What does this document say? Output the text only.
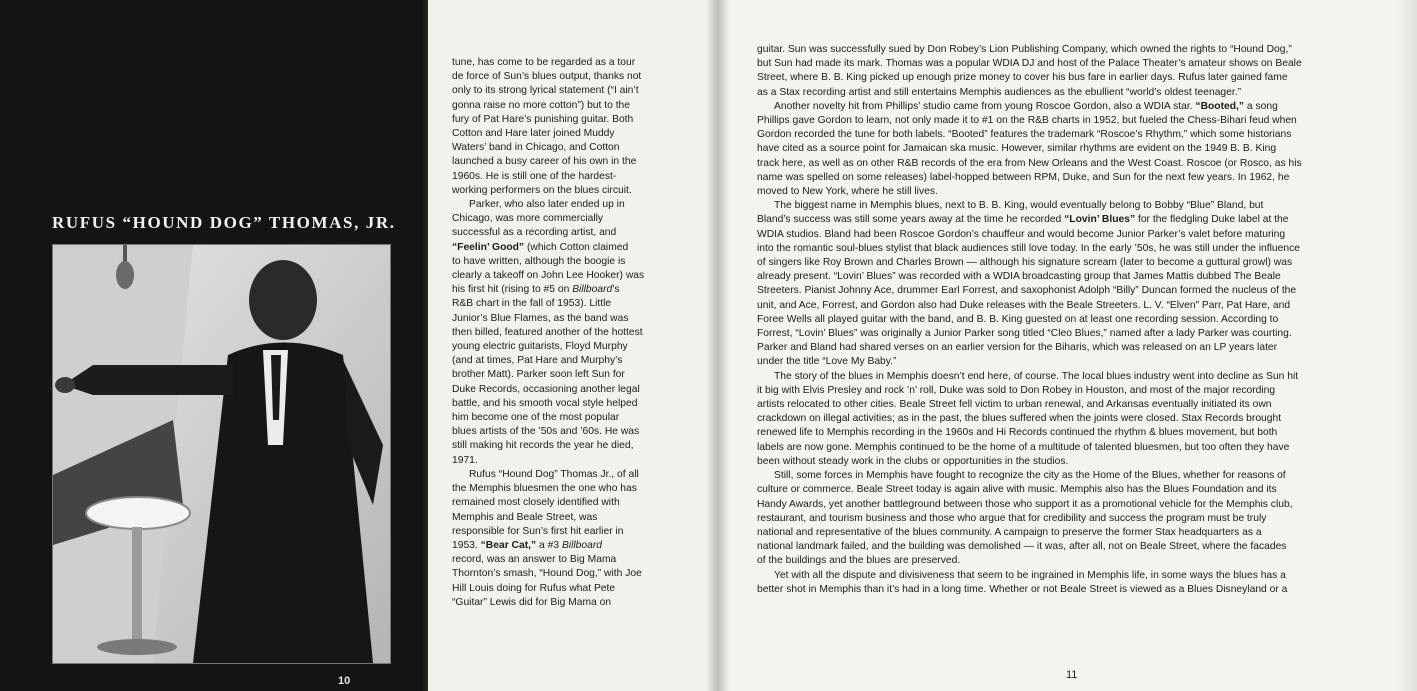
RUFUS “HOUND DOG” THOMAS, JR.
10

tune, has come to be regarded as a tour
de force of Sun’s blues output, thanks not
only to its strong lyrical statement (“I ain’t
gonna raise no more cotton”) but to the
fury of Pat Hare’s punishing guitar. Both
Cotton and Hare later joined Muddy
Waters’ band in Chicago, and Cotton
launched a busy career of his own in the
1960s. He is still one of the hardest-
working performers on the blues circuit.

Parker, who also later ended up in
Chicago, was more commercially
successful as a recording artist, and
“Feelin’ Good” (which Cotton claimed
to have written, although the boogie is
clearly a takeoff on John Lee Hooker) was
his first hit (rising to #5 on Billboard’s
R&B chart in the fall of 1953). Little
Junior’s Blue Flames, as the band was
then billed, featured another of the hottest
young electric guitarists, Floyd Murphy
(and at times, Pat Hare and Murphy’s
brother Matt). Parker soon left Sun for
Duke Records, occasioning another legal
battle, and his smooth vocal style helped
him become one of the most popular
blues artists of the ’50s and ’60s. He was
still making hit records the year he died,
1971.

Rufus “Hound Dog” Thomas Jr., of all
the Memphis bluesmen the one who has
remained most closely identified with
Memphis and Beale Street, was
responsible for Sun’s first hit earlier in
1953. “Bear Cat,” a #3 Billboard
record, was an answer to Big Mama
Thornton’s smash, “Hound Dog,” with Joe
Hill Louis doing for Rufus what Pete
“Guitar” Lewis did for Big Mama on

guitar. Sun was successfully sued by Don Robey’s Lion Publishing Company, which owned the rights to “Hound Dog,”
but Sun had made its mark. Thomas was a popular WDIA DJ and host of the Palace Theater’s amateur shows on Beale
Street, where B. B. King picked up enough prize money to cover his bus fare in earlier days. Rufus later gained fame
as a Stax recording artist and still entertains Memphis audiences as the ebullient “world’s oldest teenager.”

Another novelty hit from Phillips’ studio came from young Roscoe Gordon, also a WDIA star. “Booted,” a song
Phillips gave Gordon to learn, not only made it to #1 on the R&B charts in 1952, but fueled the Chess-Bihari feud when
Gordon recorded the tune for both labels. “Booted” features the trademark “Roscoe’s Rhythm,” which some historians
have cited as a source point for Jamaican ska music. However, similar rhythms are evident on the 1949 B. B. King
track here, as well as on other R&B records of the era from New Orleans and the West Coast. Roscoe (or Rosco, as his
name was spelled on some releases) label-hopped between RPM, Duke, and Sun for the next few years. In 1962, he
moved to New York, where he still lives.

The biggest name in Memphis blues, next to B. B. King, would eventually belong to Bobby “Blue” Bland, but
Bland’s success was still some years away at the time he recorded “Lovin’ Blues” for the fledgling Duke label at the
WDIA studios. Bland had been Roscoe Gordon’s chauffeur and would become Junior Parker’s valet before maturing
into the romantic soul-blues stylist that black audiences still love today. In the early ’50s, he was still under the influence
of singers like Roy Brown and Charles Brown — although his signature scream (later to become a guttural growl) was
already present. “Lovin’ Blues” was recorded with a WDIA broadcasting group that James Mattis dubbed The Beale
Streeters. Pianist Johnny Ace, drummer Earl Forrest, and saxophonist Adolph “Billy” Duncan formed the nucleus of the
unit, and Ace, Forrest, and Gordon also had Duke releases with the Beale Streeters. L. V. “Elven” Parr, Pat Hare, and
Foree Wells all played guitar with the band, and B. B. King guested on at least one recording session. According to
Forrest, “Lovin’ Blues” was originally a Junior Parker song titled “Cleo Blues,” named after a lady Parker was courting.
Parker and Bland had shared verses on an earlier version for the Biharis, which was released on an LP years later
under the title “Love My Baby.”

The story of the blues in Memphis doesn’t end here, of course. The local blues industry went into decline as Sun hit
it big with Elvis Presley and rock ’n’ roll, Duke was sold to Don Robey in Houston, and most of the major recording
artists relocated to other cities. Beale Street fell victim to urban renewal, and Arkansas eventually initiated its own
crackdown on illegal activities; as in the past, the blues suffered when the joints were closed. Stax Records brought
renewed life to Memphis recording in the 1960s and Hi Records continued the rhythm & blues movement, but both
labels are now gone. Memphis continued to be the home of a multitude of talented bluesmen, but too often they have
been without steady work in the clubs or opportunities in the studios.

Still, some forces in Memphis have fought to recognize the city as the Home of the Blues, whether for reasons of
culture or commerce. Beale Street today is again alive with music. Memphis also has the Blues Foundation and its
Handy Awards, yet another battleground between those who support it as a promotional vehicle for the Memphis club,
restaurant, and tourism business and those who argue that for credibility and success the program must be truly
national and representative of the blues community. A campaign to preserve the former Stax headquarters as a
national landmark failed, and the building was demolished — it was, after all, not on Beale Street, where the facades
of the buildings and the blues are preserved.

Yet with all the dispute and divisiveness that seem to be ingrained in Memphis life, in some ways the blues has a
better shot in Memphis than it’s had in a long time. Whether or not Beale Street is viewed as a Blues Disneyland or a

11
